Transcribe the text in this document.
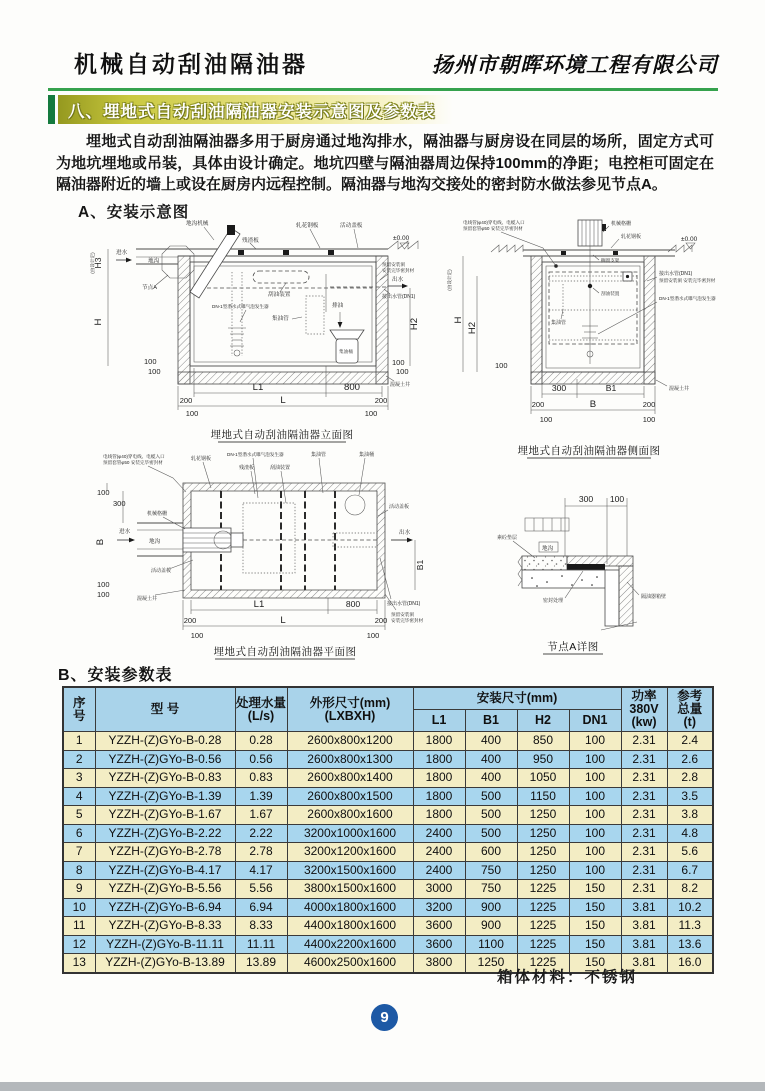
机械自动刮油隔油器	扬州市朝晖环境工程有限公司
八、埋地式自动刮油隔油器安装示意图及参数表
埋地式自动刮油隔油器多用于厨房通过地沟排水，隔油器与厨房设在同层的场所，固定方式可为地坑埋地或吊装，具体由设计确定。地坑四壁与隔油器周边保持100mm的净距；电控柜可固定在隔油器附近的墙上或设在厨房内远程控制。隔油器与地沟交接处的密封防水做法参见节点A。
A、安装示意图
±0.00
进水
地沟
节点A
地沟机械
残渣板
轧花钢板	活动盖板
刮油装置
DN-1型潜水式曝气泡发生器
集油管
排油
集油桶
预留安装洞
安装完毕密封材
出水
接出水管(DN1)
(由设计定)
H3
H
100
100
H2
100
100
L1	800
200	L	200
100	100
混凝土井
埋地式自动刮油隔油器立面图
电线管(φ40)穿电线、电缆入口
预留套管φ50 安装完毕密封材
机械格栅
轧花钢板	±0.00
集油管
搁置支架
刮油装置
接出水管(DN1)
预留安装洞 安装完毕密封材
DN-1型潜水式曝气泡发生器
(由设计定)
H
H2
100
300	B1
200	B	200
100	100
混凝土井
埋地式自动刮油隔油器侧面图
电线管(φ40)穿电线、电缆入口
预留套管φ50 安装完毕密封材
轧花钢板
DN-1型潜水式曝气泡发生器
残渣板	刮油装置
集油管	集油桶
地沟
进水
机械格栅
活动盖板
活动盖板
混凝土井
出水
B1
接出水管(DN1)
预留安装洞
安装完毕密封材
100
300
B
100
100
L1	800
200	L	200
100	100
埋地式自动刮油隔油器平面图
300 100
地沟
素砼垫层
密封处理
隔油器箱壁
节点A详图
B、安装参数表
序
号	型 号	处理水量
(L/s)

外形尺寸(mm)
(LXBXH)
	安装尺寸(mm)	功率
380V
(kw)

参考
总量
(t)

				L1	B1	H2	DN1		
1	YZZH-(Z)GYo-B-0.28	0.28	2600x800x1200	1800	400	850	100	2.31	2.4
2	YZZH-(Z)GYo-B-0.56	0.56	2600x800x1300	1800	400	950	100	2.31	2.6
3	YZZH-(Z)GYo-B-0.83	0.83	2600x800x1400	1800	400	1050	100	2.31	2.8
4	YZZH-(Z)GYo-B-1.39	1.39	2600x800x1500	1800	500	1150	100	2.31	3.5
5	YZZH-(Z)GYo-B-1.67	1.67	2600x800x1600	1800	500	1250	100	2.31	3.8
6	YZZH-(Z)GYo-B-2.22	2.22	3200x1000x1600	2400	500	1250	100	2.31	4.8
7	YZZH-(Z)GYo-B-2.78	2.78	3200x1200x1600	2400	600	1250	100	2.31	5.6
8	YZZH-(Z)GYo-B-4.17	4.17	3200x1500x1600	2400	750	1250	100	2.31	6.7
9	YZZH-(Z)GYo-B-5.56	5.56	3800x1500x1600	3000	750	1225	150	2.31	8.2
10	YZZH-(Z)GYo-B-6.94	6.94	4000x1800x1600	3200	900	1225	150	3.81	10.2
11	YZZH-(Z)GYo-B-8.33	8.33	4400x1800x1600	3600	900	1225	150	3.81	11.3
12	YZZH-(Z)GYo-B-11.11	11.11	4400x2200x1600	3600	1100	1225	150	3.81	13.6
13	YZZH-(Z)GYo-B-13.89	13.89	4600x2500x1600	3800	1250	1225	150	3.81	16.0
箱体材料：不锈钢
9
